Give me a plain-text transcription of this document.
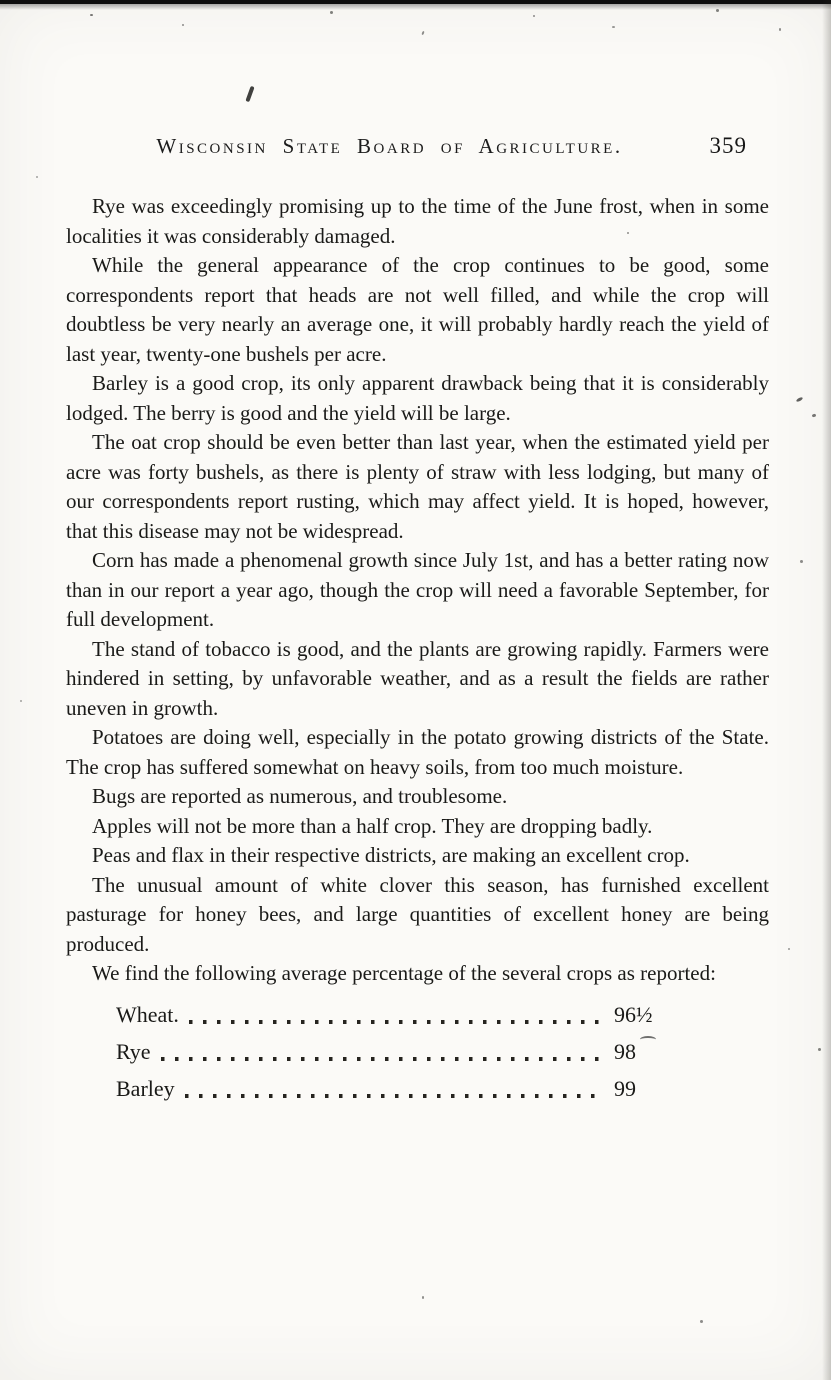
Wisconsin State Board of Agriculture.	359

Rye was exceedingly promising up to the time of the June frost, when in some localities it was considerably damaged.

While the general appearance of the crop continues to be good, some correspondents report that heads are not well filled, and while the crop will doubtless be very nearly an average one, it will probably hardly reach the yield of last year, twenty-one bushels per acre.

Barley is a good crop, its only apparent drawback being that it is considerably lodged. The berry is good and the yield will be large.

The oat crop should be even better than last year, when the estimated yield per acre was forty bushels, as there is plenty of straw with less lodging, but many of our correspondents report rusting, which may affect yield. It is hoped, however, that this disease may not be widespread.

Corn has made a phenomenal growth since July 1st, and has a better rating now than in our report a year ago, though the crop will need a favorable September, for full development.

The stand of tobacco is good, and the plants are growing rapidly. Farmers were hindered in setting, by unfavorable weather, and as a result the fields are rather uneven in growth.

Potatoes are doing well, especially in the potato growing districts of the State. The crop has suffered somewhat on heavy soils, from too much moisture.

Bugs are reported as numerous, and troublesome.

Apples will not be more than a half crop. They are dropping badly.

Peas and flax in their respective districts, are making an excellent crop.

The unusual amount of white clover this season, has furnished excellent pasturage for honey bees, and large quantities of excellent honey are being produced.

We find the following average percentage of the several crops as reported:

Wheat.	96½
Rye	98
Barley	99
